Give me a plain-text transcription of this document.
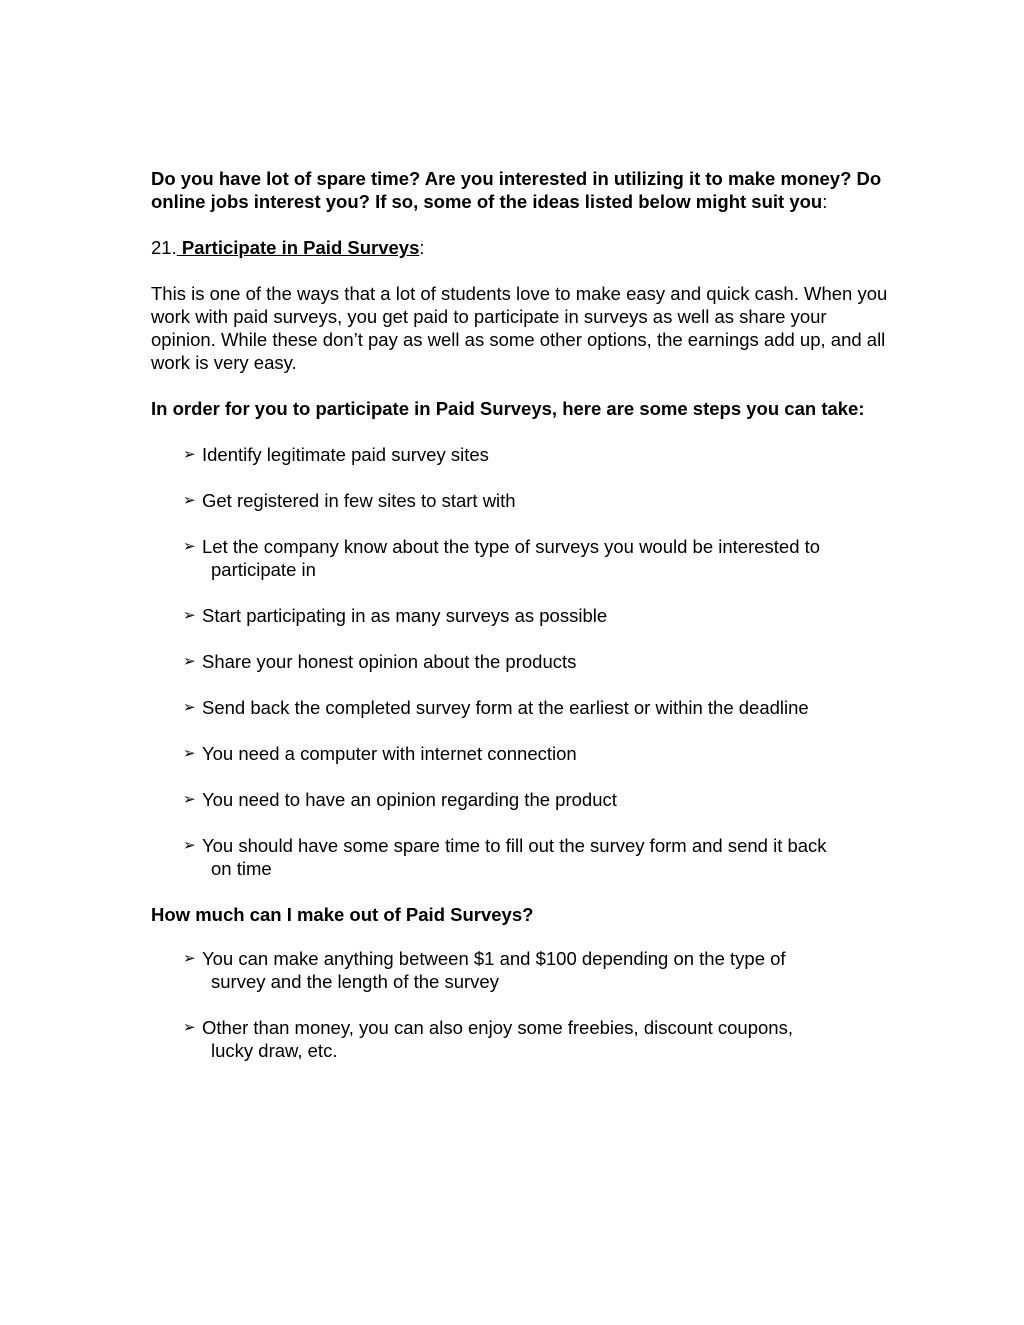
Do you have lot of spare time? Are you interested in utilizing it to make money? Do online jobs interest you? If so, some of the ideas listed below might suit you:

21. Participate in Paid Surveys:

This is one of the ways that a lot of students love to make easy and quick cash. When you work with paid surveys, you get paid to participate in surveys as well as share your opinion. While these don’t pay as well as some other options, the earnings add up, and all work is very easy.

In order for you to participate in Paid Surveys, here are some steps you can take:

➢ Identify legitimate paid survey sites
➢ Get registered in few sites to start with
➢ Let the company know about the type of surveys you would be interested to
participate in
➢ Start participating in as many surveys as possible
➢ Share your honest opinion about the products
➢ Send back the completed survey form at the earliest or within the deadline
➢ You need a computer with internet connection
➢ You need to have an opinion regarding the product
➢ You should have some spare time to fill out the survey form and send it back
on time

How much can I make out of Paid Surveys?

➢ You can make anything between $1 and $100 depending on the type of
survey and the length of the survey
➢ Other than money, you can also enjoy some freebies, discount coupons,
lucky draw, etc.
